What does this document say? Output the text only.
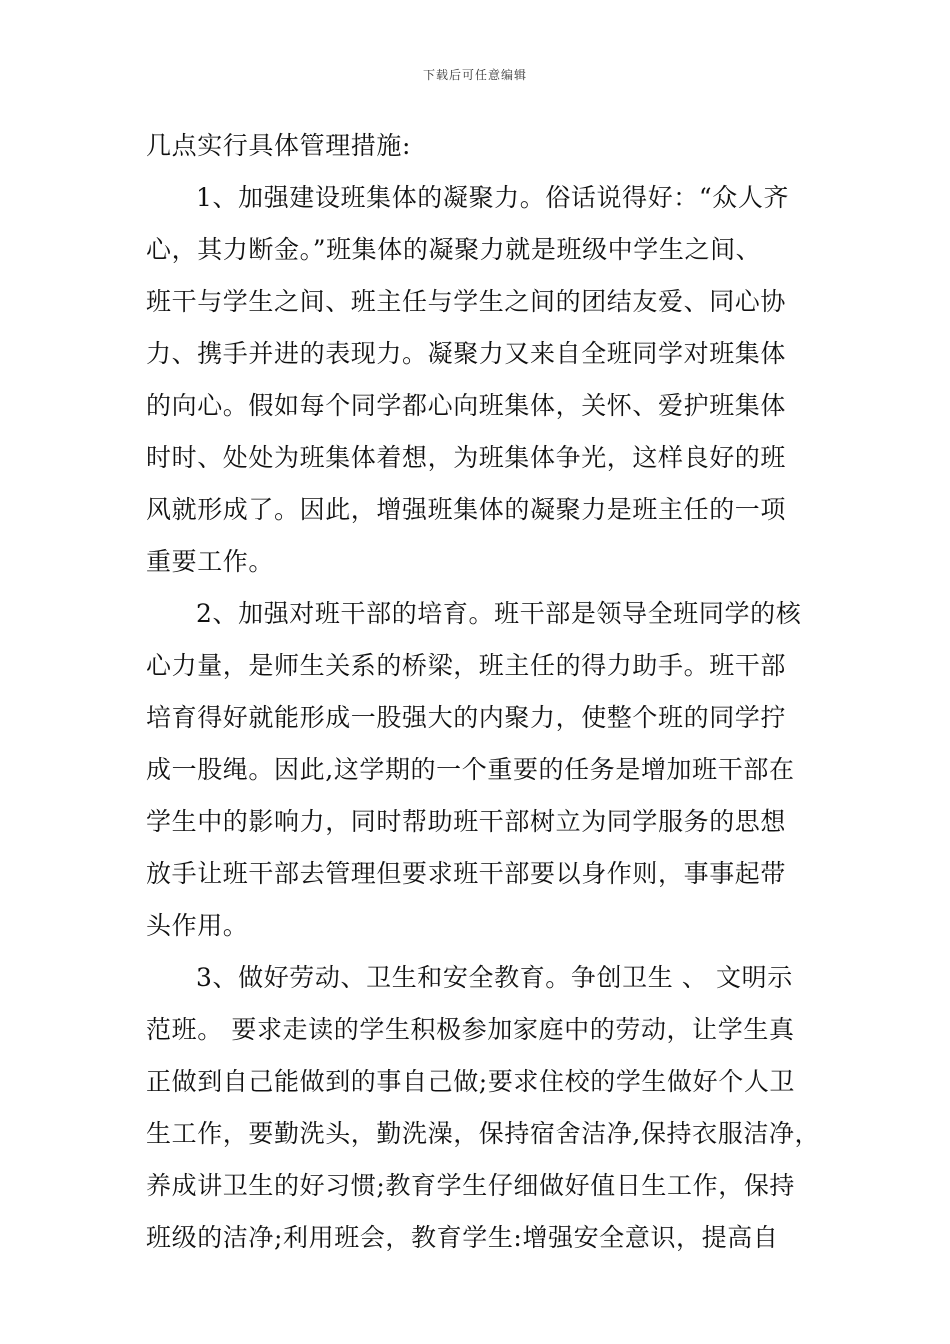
下载后可任意编辑
几点实行具体管理措施:
1、加强建设班集体的凝聚力。俗话说得好：“众人齐
心，其力断金。”班集体的凝聚力就是班级中学生之间、
班干与学生之间、班主任与学生之间的团结友爱、同心协
力、携手并进的表现力。凝聚力又来自全班同学对班集体
的向心。假如每个同学都心向班集体，关怀、爱护班集体
时时、处处为班集体着想，为班集体争光，这样良好的班
风就形成了。因此，增强班集体的凝聚力是班主任的一项
重要工作。
2、加强对班干部的培育。班干部是领导全班同学的核
心力量，是师生关系的桥梁，班主任的得力助手。班干部
培育得好就能形成一股强大的内聚力，使整个班的同学拧
成一股绳。因此,这学期的一个重要的任务是增加班干部在
学生中的影响力，同时帮助班干部树立为同学服务的思想
放手让班干部去管理但要求班干部要以身作则，事事起带
头作用。
3、做好劳动、卫生和安全教育。争创卫生 、 文明示
范班。 要求走读的学生积极参加家庭中的劳动，让学生真
正做到自己能做到的事自己做;要求住校的学生做好个人卫
生工作，要勤洗头，勤洗澡，保持宿舍洁净,保持衣服洁净，
养成讲卫生的好习惯;教育学生仔细做好值日生工作，保持
班级的洁净;利用班会，教育学生:增强安全意识，提高自
